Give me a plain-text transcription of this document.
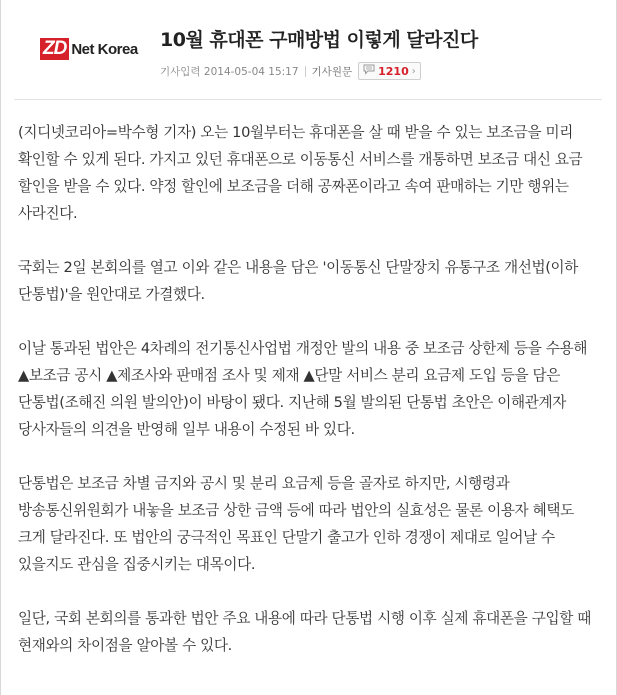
ZD Net Korea 10월 휴대폰 구매방법 이렇게 달라진다
기사입력 2014-05-04 15:17 기사원문 1210 ›

(지디넷코리아=박수형 기자) 오는 10월부터는 휴대폰을 살 때 받을 수 있는 보조금을 미리 확인할 수 있게 된다. 가지고 있던 휴대폰으로 이동통신 서비스를 개통하면 보조금 대신 요금 할인을 받을 수 있다. 약정 할인에 보조금을 더해 공짜폰이라고 속여 판매하는 기만 행위는 사라진다.

국회는 2일 본회의를 열고 이와 같은 내용을 담은 '이동통신 단말장치 유통구조 개선법(이하 단통법)'을 원안대로 가결했다.

이날 통과된 법안은 4차례의 전기통신사업법 개정안 발의 내용 중 보조금 상한제 등을 수용해 ▲보조금 공시 ▲제조사와 판매점 조사 및 제재 ▲단말 서비스 분리 요금제 도입 등을 담은 단통법(조해진 의원 발의안)이 바탕이 됐다. 지난해 5월 발의된 단통법 초안은 이해관계자 당사자들의 의견을 반영해 일부 내용이 수정된 바 있다.

단통법은 보조금 차별 금지와 공시 및 분리 요금제 등을 골자로 하지만, 시행령과 방송통신위원회가 내놓을 보조금 상한 금액 등에 따라 법안의 실효성은 물론 이용자 혜택도 크게 달라진다. 또 법안의 궁극적인 목표인 단말기 출고가 인하 경쟁이 제대로 일어날 수 있을지도 관심을 집중시키는 대목이다.

일단, 국회 본회의를 통과한 법안 주요 내용에 따라 단통법 시행 이후 실제 휴대폰을 구입할 때 현재와의 차이점을 알아볼 수 있다.
